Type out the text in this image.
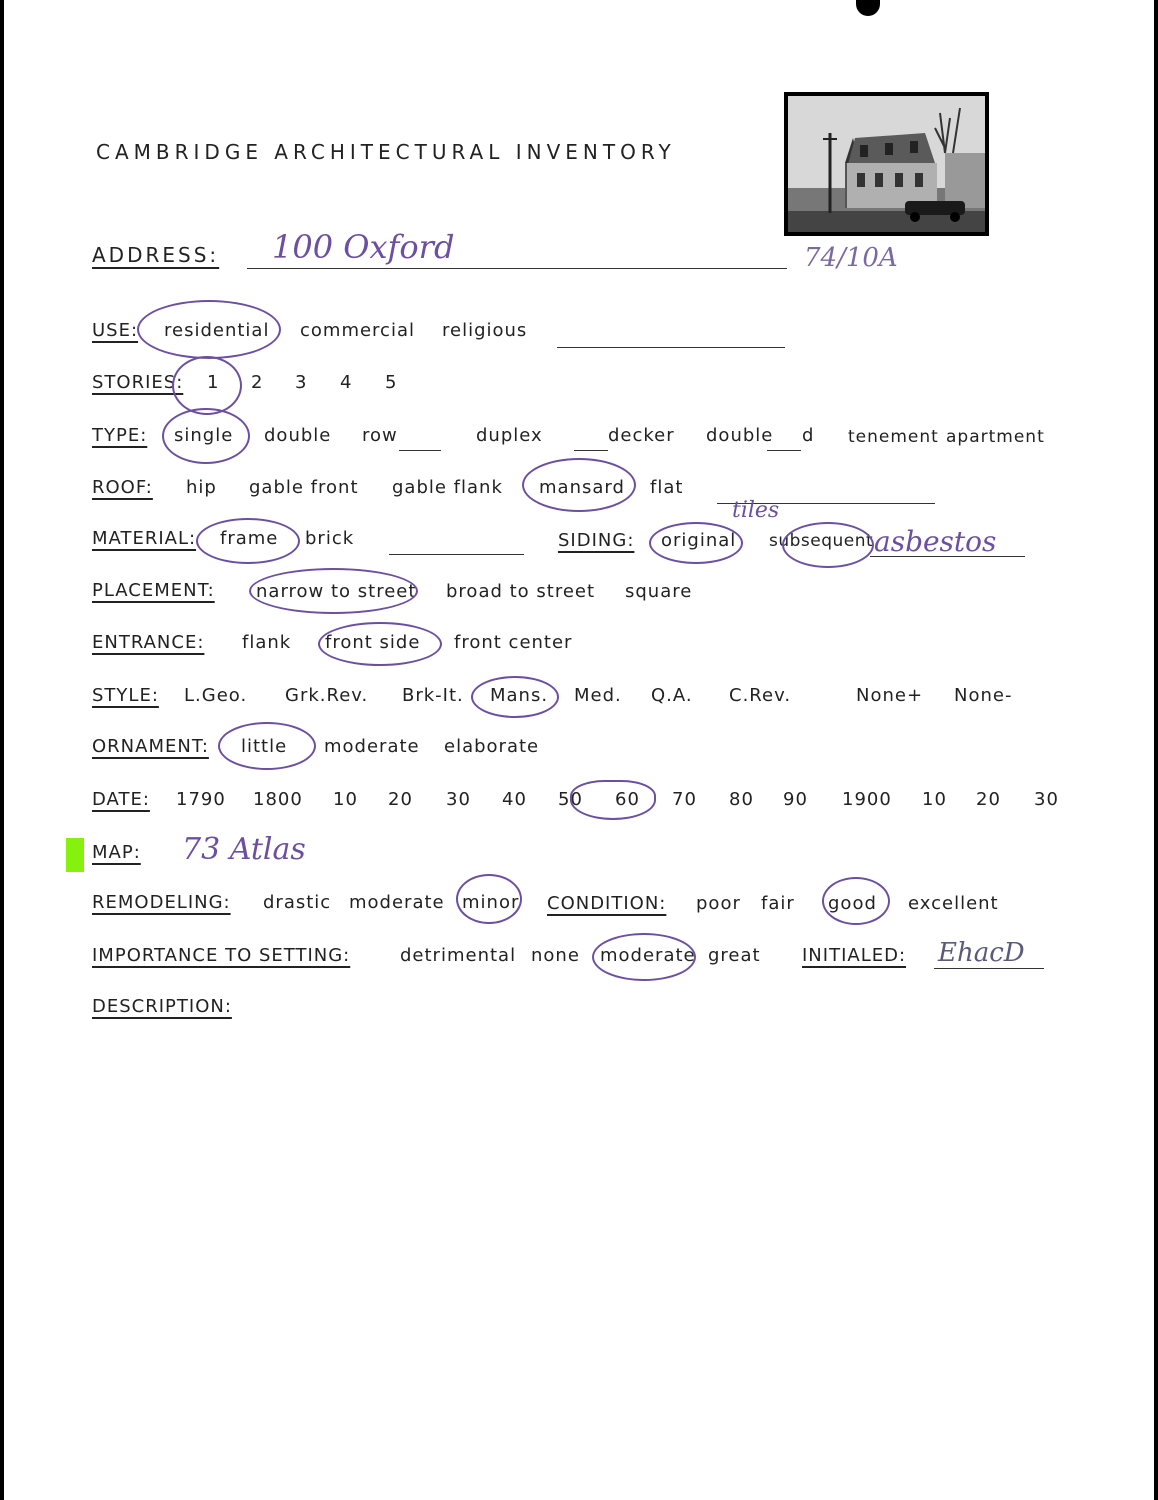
CAMBRIDGE ARCHITECTURAL INVENTORY
ADDRESS: 100 Oxford	74/10A
USE: residential commercial religious
STORIES: 1 2 3 4 5
TYPE: single double row	duplex	decker double d tenement apartment
ROOF: hip gable front gable flank mansard flat
MATERIAL: frame brick	SIDING: original subsequent
tiles
asbestos
PLACEMENT: narrow to street broad to street square
ENTRANCE: flank front side front center
STYLE: L.Geo. Grk.Rev. Brk-It. Mans. Med. Q.A. C.Rev.	None+ None-
ORNAMENT: little moderate elaborate
DATE: 1790 1800 10 20 30 40 50 60 70 80 90 1900 10 20 30
MAP: 73 Atlas
REMODELING: drastic moderate minor CONDITION: poor fair good excellent
IMPORTANCE TO SETTING:	detrimental none moderate great INITIALED: EhacD
DESCRIPTION:
